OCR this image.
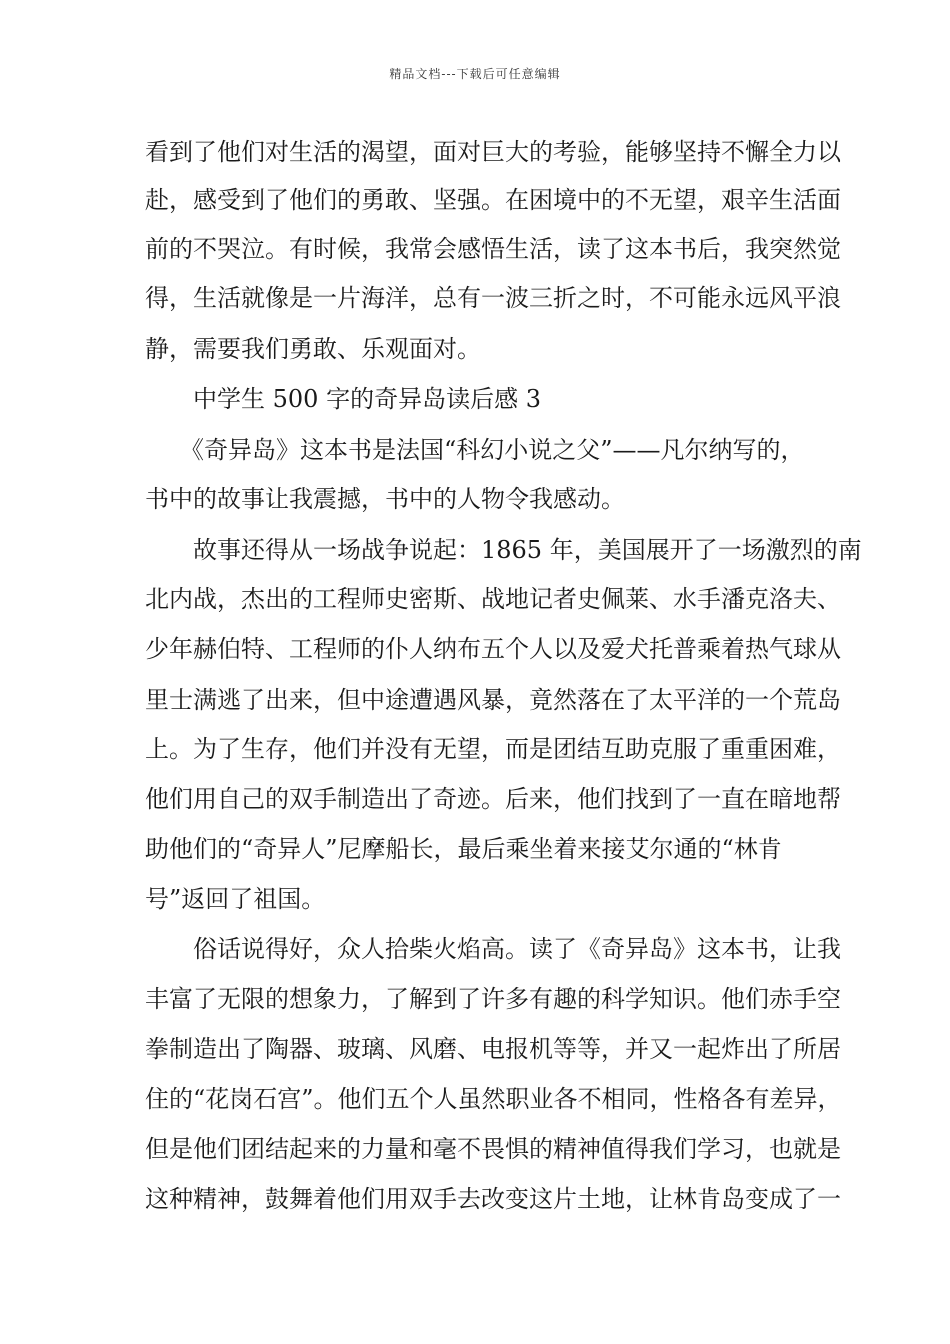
精品文档---下载后可任意编辑
看到了他们对生活的渴望，面对巨大的考验，能够坚持不懈全力以
赴，感受到了他们的勇敢、坚强。在困境中的不无望，艰辛生活面
前的不哭泣。有时候，我常会感悟生活，读了这本书后，我突然觉
得，生活就像是一片海洋，总有一波三折之时，不可能永远风平浪
静，需要我们勇敢、乐观面对。
中学生 500 字的奇异岛读后感 3
《奇异岛》这本书是法国“科幻小说之父”——凡尔纳写的，
书中的故事让我震撼，书中的人物令我感动。
故事还得从一场战争说起：1865 年，美国展开了一场激烈的南
北内战，杰出的工程师史密斯、战地记者史佩莱、水手潘克洛夫、
少年赫伯特、工程师的仆人纳布五个人以及爱犬托普乘着热气球从
里士满逃了出来，但中途遭遇风暴，竟然落在了太平洋的一个荒岛
上。为了生存，他们并没有无望，而是团结互助克服了重重困难，
他们用自己的双手制造出了奇迹。后来，他们找到了一直在暗地帮
助他们的“奇异人”尼摩船长，最后乘坐着来接艾尔通的“林肯
号”返回了祖国。
俗话说得好，众人拾柴火焰高。读了《奇异岛》这本书，让我
丰富了无限的想象力，了解到了许多有趣的科学知识。他们赤手空
拳制造出了陶器、玻璃、风磨、电报机等等，并又一起炸出了所居
住的“花岗石宫”。他们五个人虽然职业各不相同，性格各有差异，
但是他们团结起来的力量和毫不畏惧的精神值得我们学习，也就是
这种精神，鼓舞着他们用双手去改变这片土地，让林肯岛变成了一
